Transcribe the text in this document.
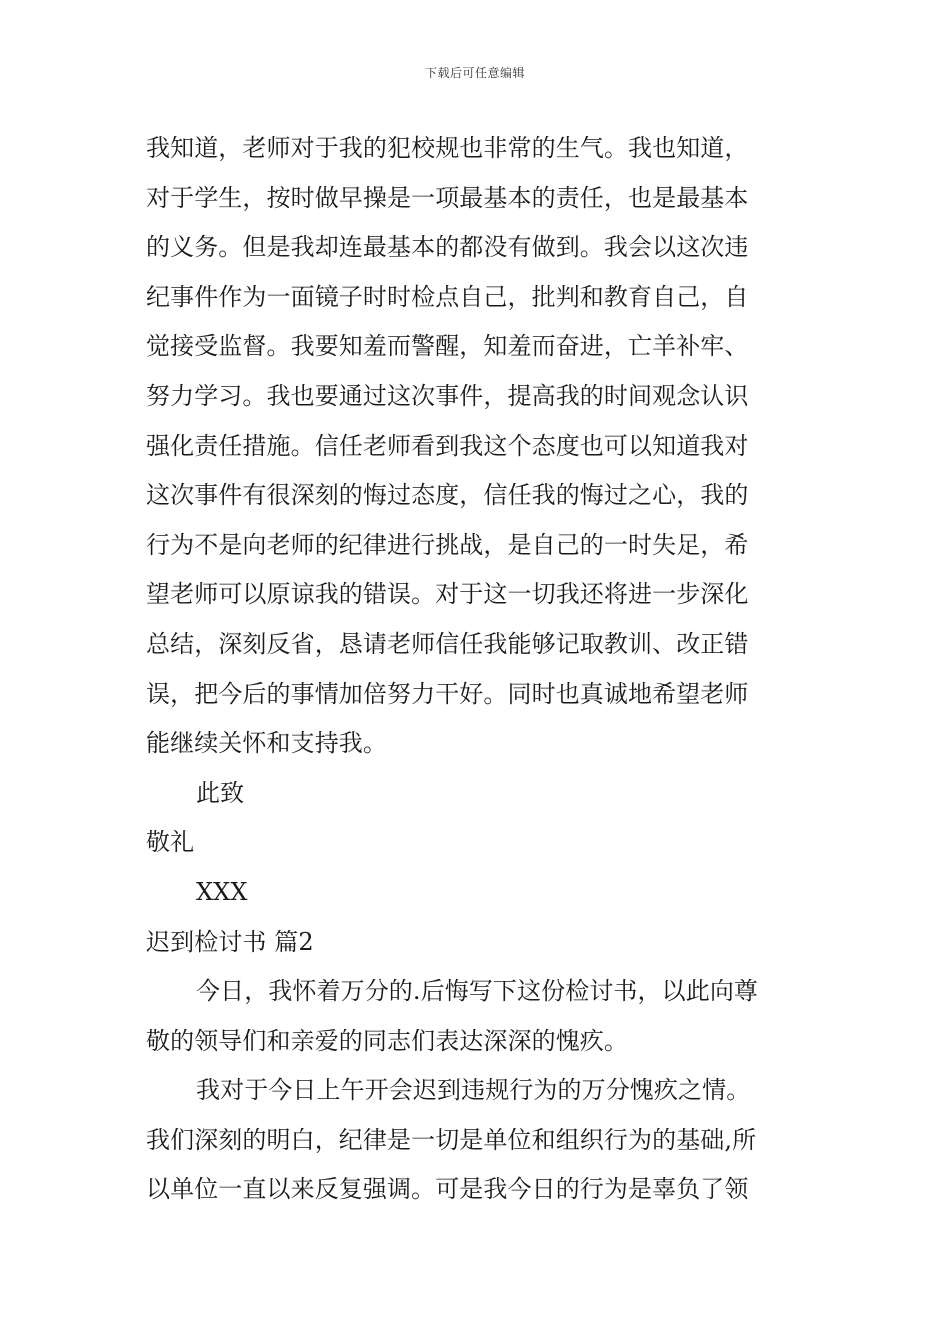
下载后可任意编辑
我知道，老师对于我的犯校规也非常的生气。我也知道，
对于学生，按时做早操是一项最基本的责任，也是最基本
的义务。但是我却连最基本的都没有做到。我会以这次违
纪事件作为一面镜子时时检点自己，批判和教育自己，自
觉接受监督。我要知羞而警醒，知羞而奋进，亡羊补牢、
努力学习。我也要通过这次事件，提高我的时间观念认识
强化责任措施。信任老师看到我这个态度也可以知道我对
这次事件有很深刻的悔过态度，信任我的悔过之心，我的
行为不是向老师的纪律进行挑战，是自己的一时失足，希
望老师可以原谅我的错误。对于这一切我还将进一步深化
总结，深刻反省，恳请老师信任我能够记取教训、改正错
误，把今后的事情加倍努力干好。同时也真诚地希望老师
能继续关怀和支持我。
此致
敬礼
XXX
迟到检讨书 篇2
今日，我怀着万分的.后悔写下这份检讨书，以此向尊
敬的领导们和亲爱的同志们表达深深的愧疚。
我对于今日上午开会迟到违规行为的万分愧疚之情。
我们深刻的明白，纪律是一切是单位和组织行为的基础,所
以单位一直以来反复强调。可是我今日的行为是辜负了领
